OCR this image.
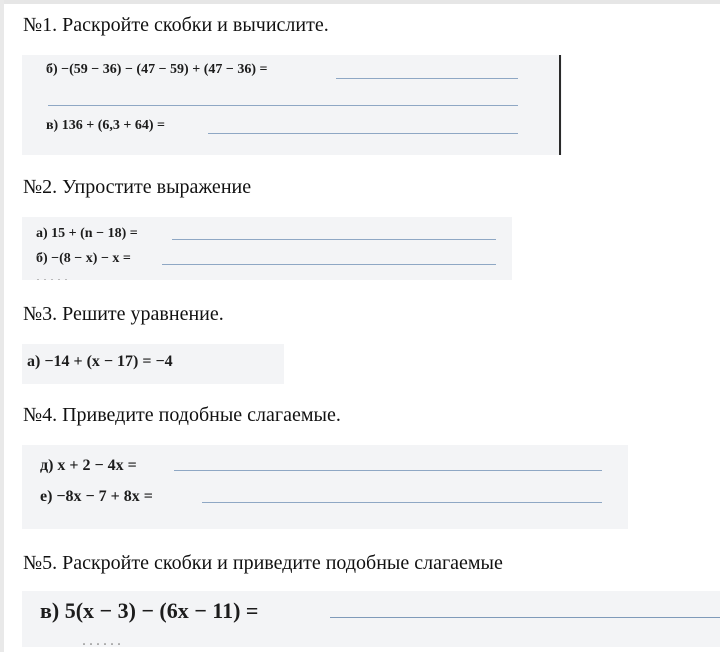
№1. Раскройте скобки и вычислите.
б) −(59 − 36) − (47 − 59) + (47 − 36) =
в) 136 + (6,3 + 64) =
№2. Упростите выражение
а) 15 + (n − 18) =
б) −(8 − x) − x =
· · · · ·
№3. Решите уравнение.
а) −14 + (x − 17) = −4
№4. Приведите подобные слагаемые.
д) x + 2 − 4x =
е) −8x − 7 + 8x =
№5. Раскройте скобки и приведите подобные слагаемые
в) 5(x − 3) − (6x − 11) =
· · · · · ·
